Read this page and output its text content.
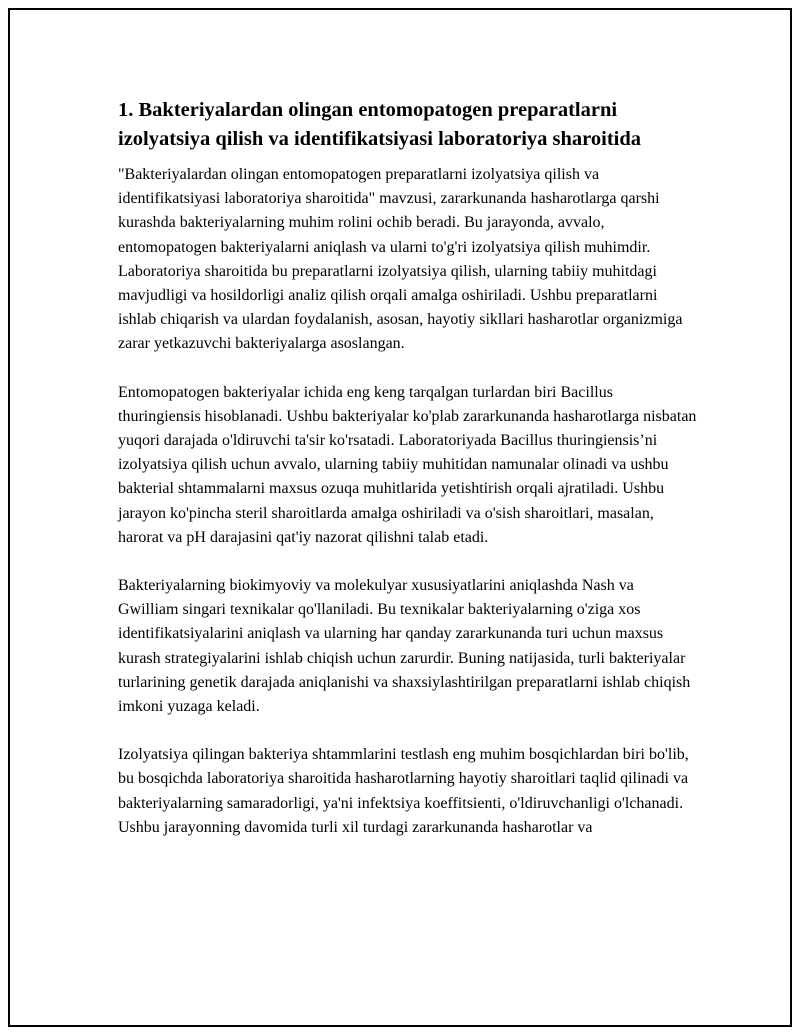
1. Bakteriyalardan olingan entomopatogen preparatlarni izolyatsiya qilish va identifikatsiyasi laboratoriya sharoitida

"Bakteriyalardan olingan entomopatogen preparatlarni izolyatsiya qilish va identifikatsiyasi laboratoriya sharoitida" mavzusi, zararkunanda hasharotlarga qarshi kurashda bakteriyalarning muhim rolini ochib beradi. Bu jarayonda, avvalo, entomopatogen bakteriyalarni aniqlash va ularni to'g'ri izolyatsiya qilish muhimdir. Laboratoriya sharoitida bu preparatlarni izolyatsiya qilish, ularning tabiiy muhitdagi mavjudligi va hosildorligi analiz qilish orqali amalga oshiriladi. Ushbu preparatlarni ishlab chiqarish va ulardan foydalanish, asosan, hayotiy sikllari hasharotlar organizmiga zarar yetkazuvchi bakteriyalarga asoslangan.

Entomopatogen bakteriyalar ichida eng keng tarqalgan turlardan biri Bacillus thuringiensis hisoblanadi. Ushbu bakteriyalar ko'plab zararkunanda hasharotlarga nisbatan yuqori darajada o'ldiruvchi ta'sir ko'rsatadi. Laboratoriyada Bacillus thuringiensis’ni izolyatsiya qilish uchun avvalo, ularning tabiiy muhitidan namunalar olinadi va ushbu bakterial shtammalarni maxsus ozuqa muhitlarida yetishtirish orqali ajratiladi. Ushbu jarayon ko'pincha steril sharoitlarda amalga oshiriladi va o'sish sharoitlari, masalan, harorat va pH darajasini qat'iy nazorat qilishni talab etadi.

Bakteriyalarning biokimyoviy va molekulyar xususiyatlarini aniqlashda Nash va Gwilliam singari texnikalar qo'llaniladi. Bu texnikalar bakteriyalarning o'ziga xos identifikatsiyalarini aniqlash va ularning har qanday zararkunanda turi uchun maxsus kurash strategiyalarini ishlab chiqish uchun zarurdir. Buning natijasida, turli bakteriyalar turlarining genetik darajada aniqlanishi va shaxsiylashtirilgan preparatlarni ishlab chiqish imkoni yuzaga keladi.

Izolyatsiya qilingan bakteriya shtammlarini testlash eng muhim bosqichlardan biri bo'lib, bu bosqichda laboratoriya sharoitida hasharotlarning hayotiy sharoitlari taqlid qilinadi va bakteriyalarning samaradorligi, ya'ni infektsiya koeffitsienti, o'ldiruvchanligi o'lchanadi. Ushbu jarayonning davomida turli xil turdagi zararkunanda hasharotlar va
